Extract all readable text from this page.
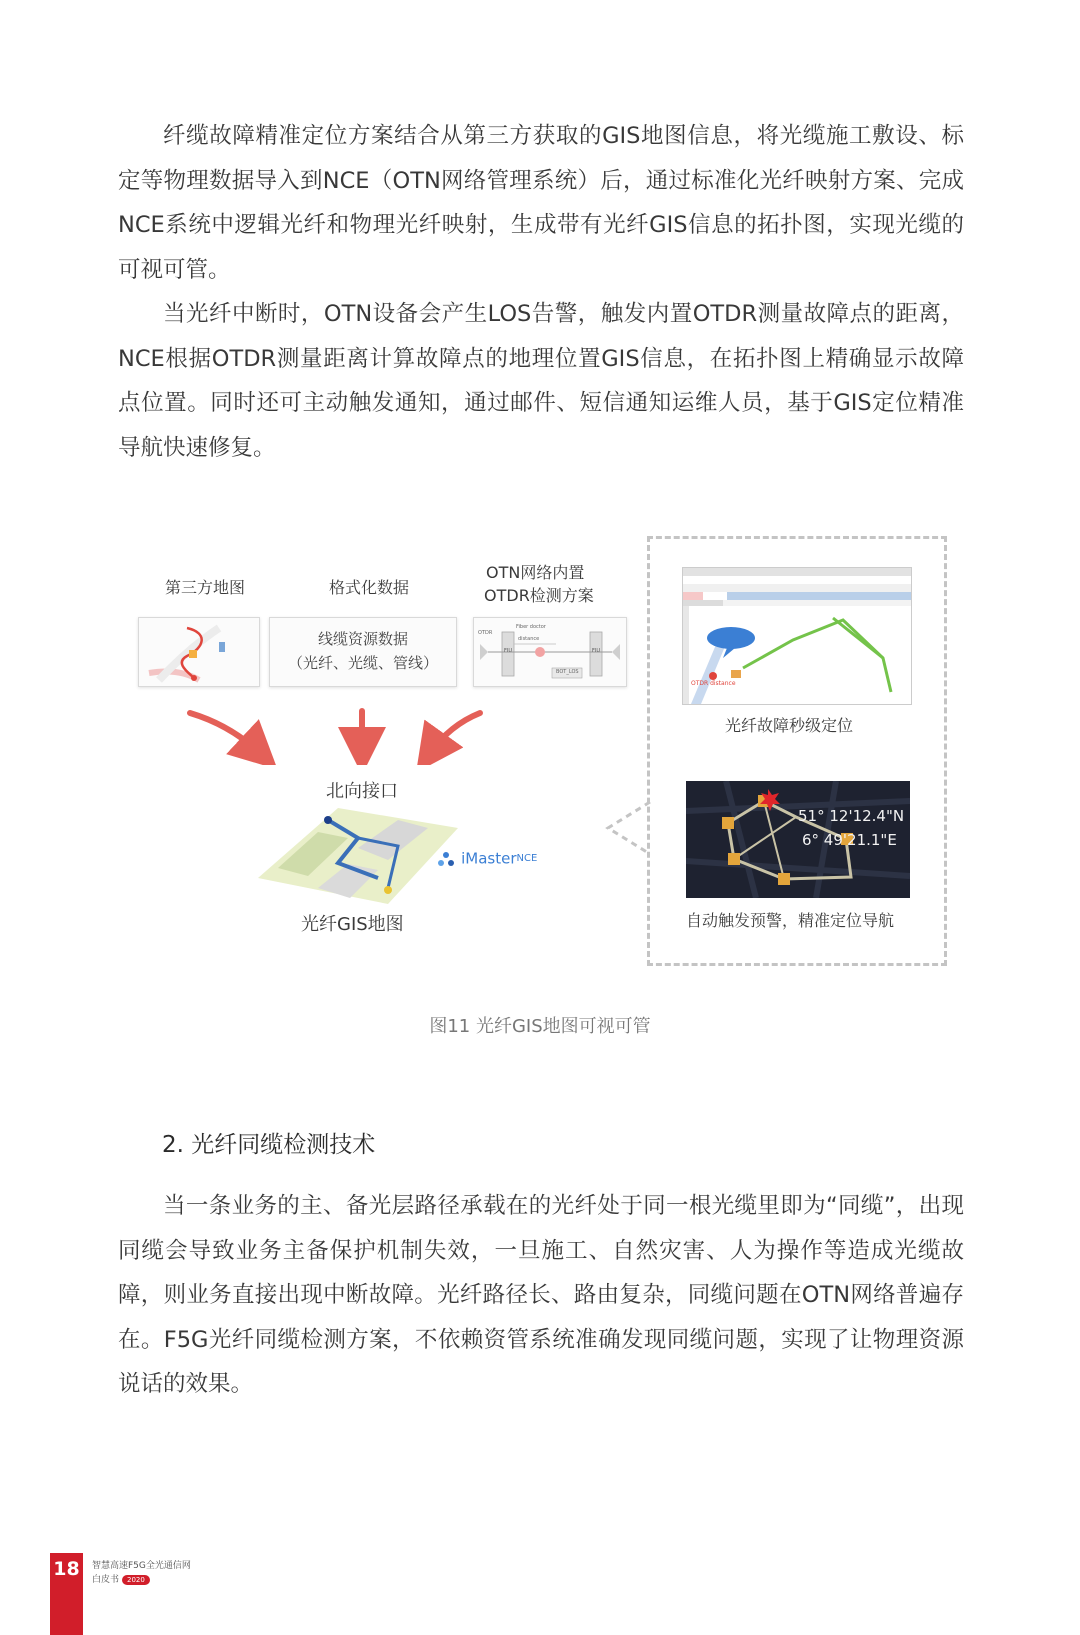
纤缆故障精准定位方案结合从第三方获取的GIS地图信息，将光缆施工敷设、标定等物理数据导入到NCE（OTN网络管理系统）后，通过标准化光纤映射方案、完成NCE系统中逻辑光纤和物理光纤映射，生成带有光纤GIS信息的拓扑图，实现光缆的可视可管。

当光纤中断时，OTN设备会产生LOS告警，触发内置OTDR测量故障点的距离，NCE根据OTDR测量距离计算故障点的地理位置GIS信息，在拓扑图上精确显示故障点位置。同时还可主动触发通知，通过邮件、短信通知运维人员，基于GIS定位精准导航快速修复。

第三方地图	格式化数据
OTN网络内置
OTDR检测方案
线缆资源数据
（光纤、光缆、管线）
OTDR
Fiber doctor
distance
FIU	FIU
BOT_LOS
北向接口
iMasterNCE
光纤GIS地图
OTDR distance
光纤故障秒级定位
51° 12'12.4"N
6° 49'21.1"E
自动触发预警，精准定位导航
图11 光纤GIS地图可视可管
2. 光纤同缆检测技术

当一条业务的主、备光层路径承载在的光纤处于同一根光缆里即为“同缆”，出现同缆会导致业务主备保护机制失效，一旦施工、自然灾害、人为操作等造成光缆故障，则业务直接出现中断故障。光纤路径长、路由复杂，同缆问题在OTN网络普遍存在。F5G光纤同缆检测方案，不依赖资管系统准确发现同缆问题，实现了让物理资源说话的效果。

18	智慧高速F5G全光通信网
白皮书 2020
